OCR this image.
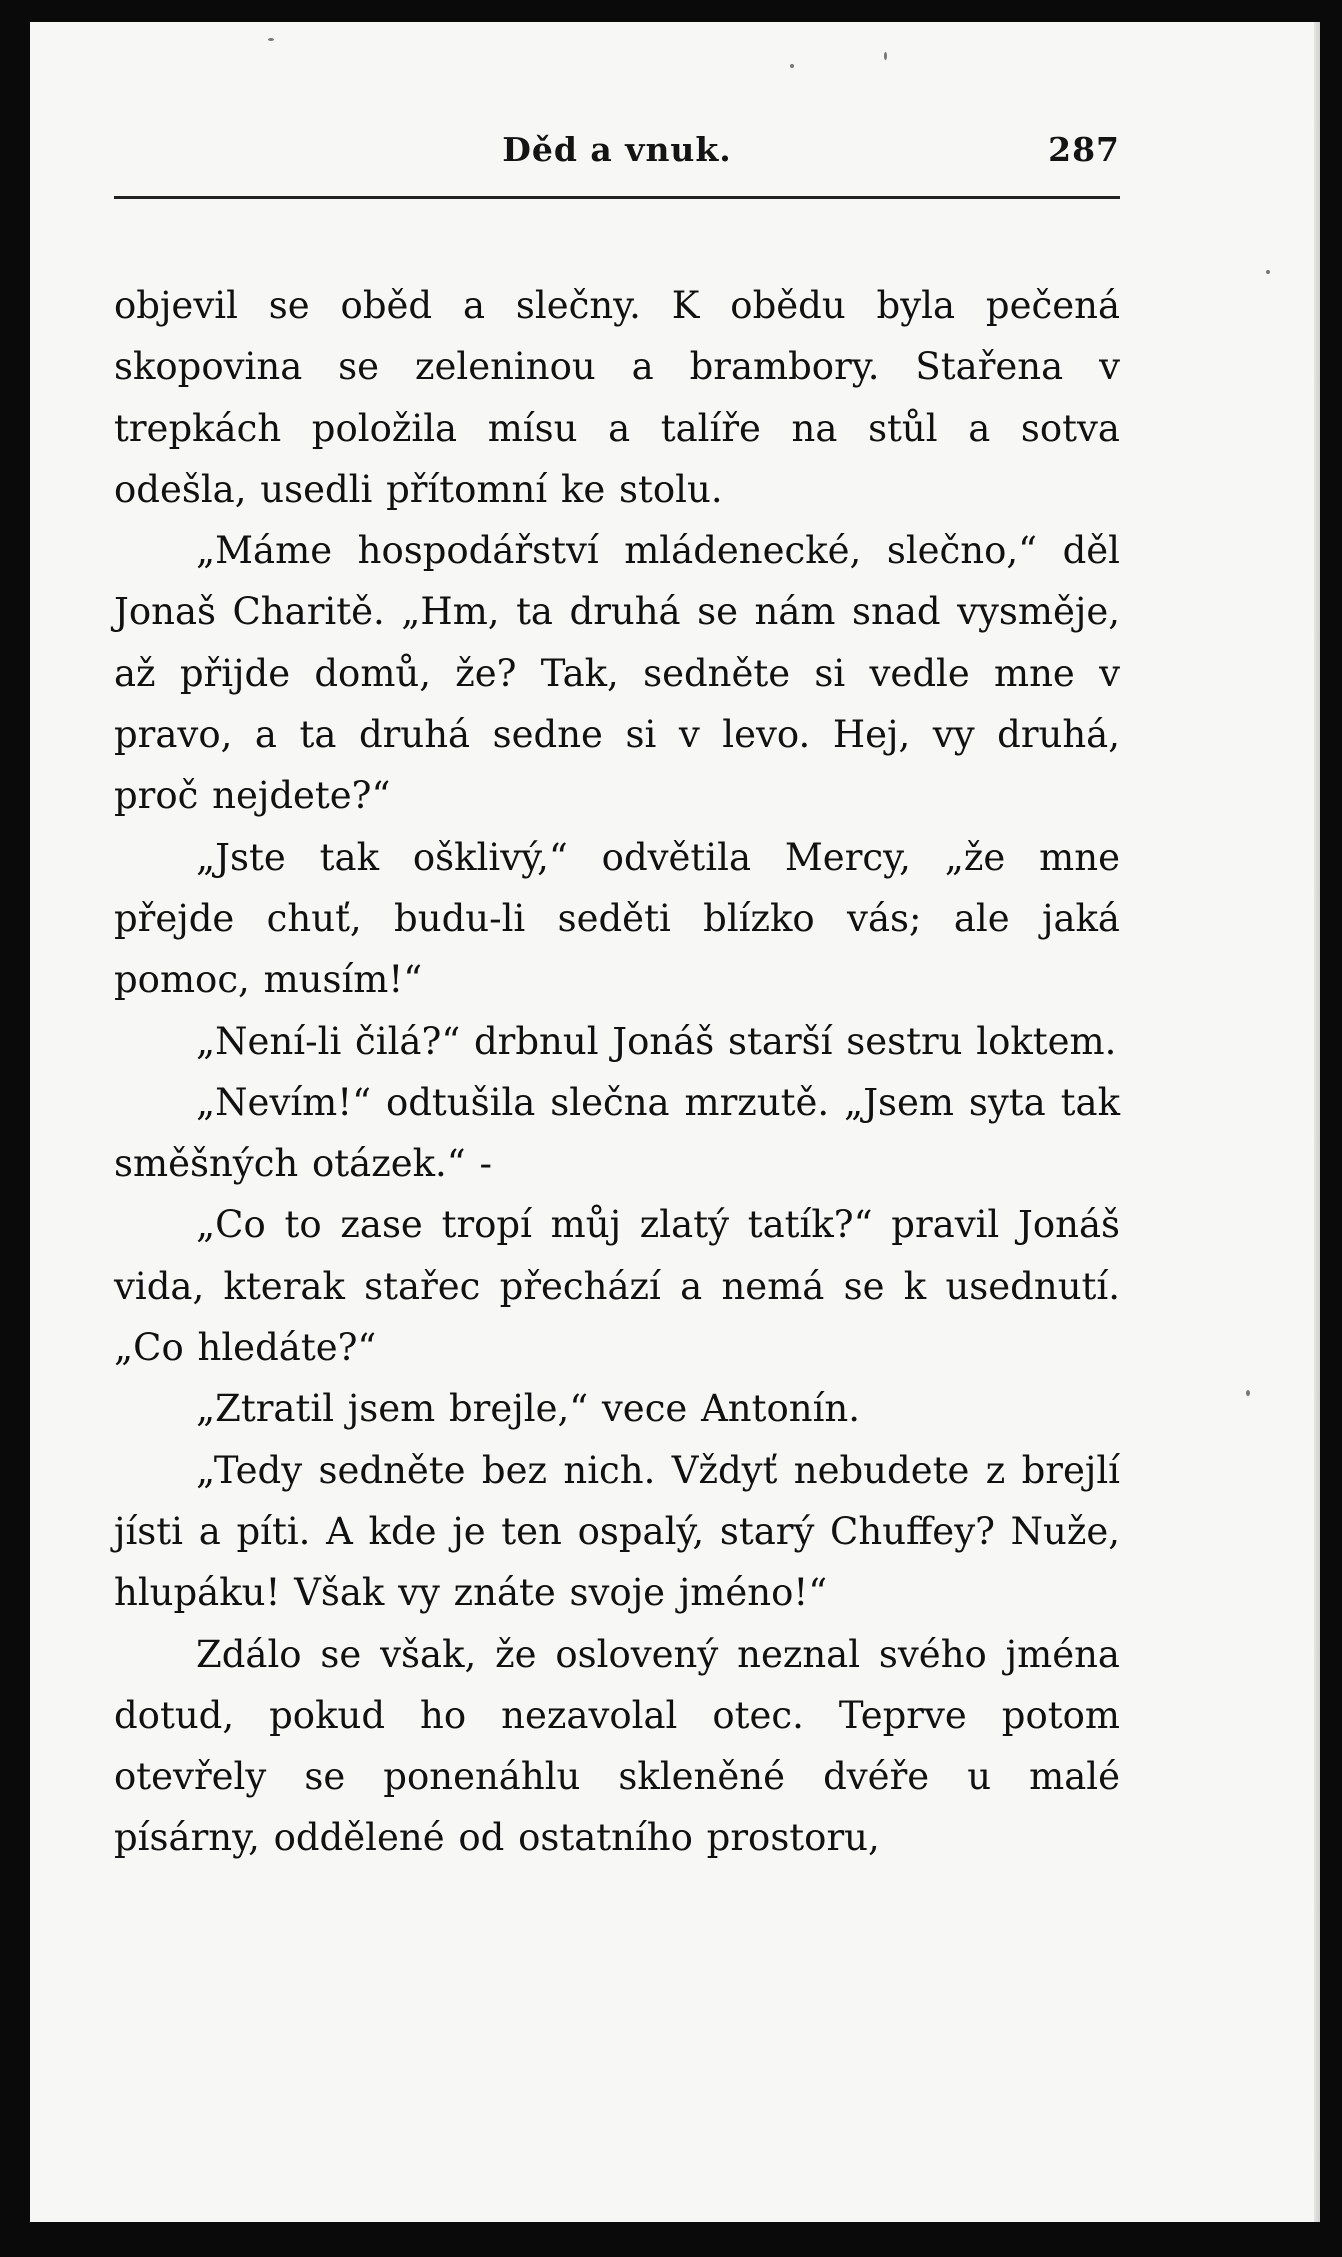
Děd a vnuk.	287

objevil se oběd a slečny. K obědu byla pečená skopovina se zeleninou a brambory. Stařena v trepkách položila mísu a talíře na stůl a sotva odešla, usedli přítomní ke stolu.

„Máme hospodářství mládenecké, slečno,“ děl Jonaš Charitě. „Hm, ta druhá se nám snad vysměje, až přijde domů, že? Tak, sedněte si vedle mne v pravo, a ta druhá sedne si v levo. Hej, vy druhá, proč nejdete?“

„Jste tak ošklivý,“ odvětila Mercy, „že mne přejde chuť, budu-li seděti blízko vás; ale jaká pomoc, musím!“

„Není-li čilá?“ drbnul Jonáš starší sestru loktem.

„Nevím!“ odtušila slečna mrzutě. „Jsem syta tak směšných otázek.“ -

„Co to zase tropí můj zlatý tatík?“ pravil Jonáš vida, kterak stařec přechází a nemá se k usednutí. „Co hledáte?“

„Ztratil jsem brejle,“ vece Antonín.

„Tedy sedněte bez nich. Vždyť nebudete z brejlí jísti a píti. A kde je ten ospalý, starý Chuffey? Nuže, hlupáku! Však vy znáte svoje jméno!“

Zdálo se však, že oslovený neznal svého jména dotud, pokud ho nezavolal otec. Teprve potom otevřely se ponenáhlu skleněné dvéře u malé písárny, oddělené od ostatního prostoru,
